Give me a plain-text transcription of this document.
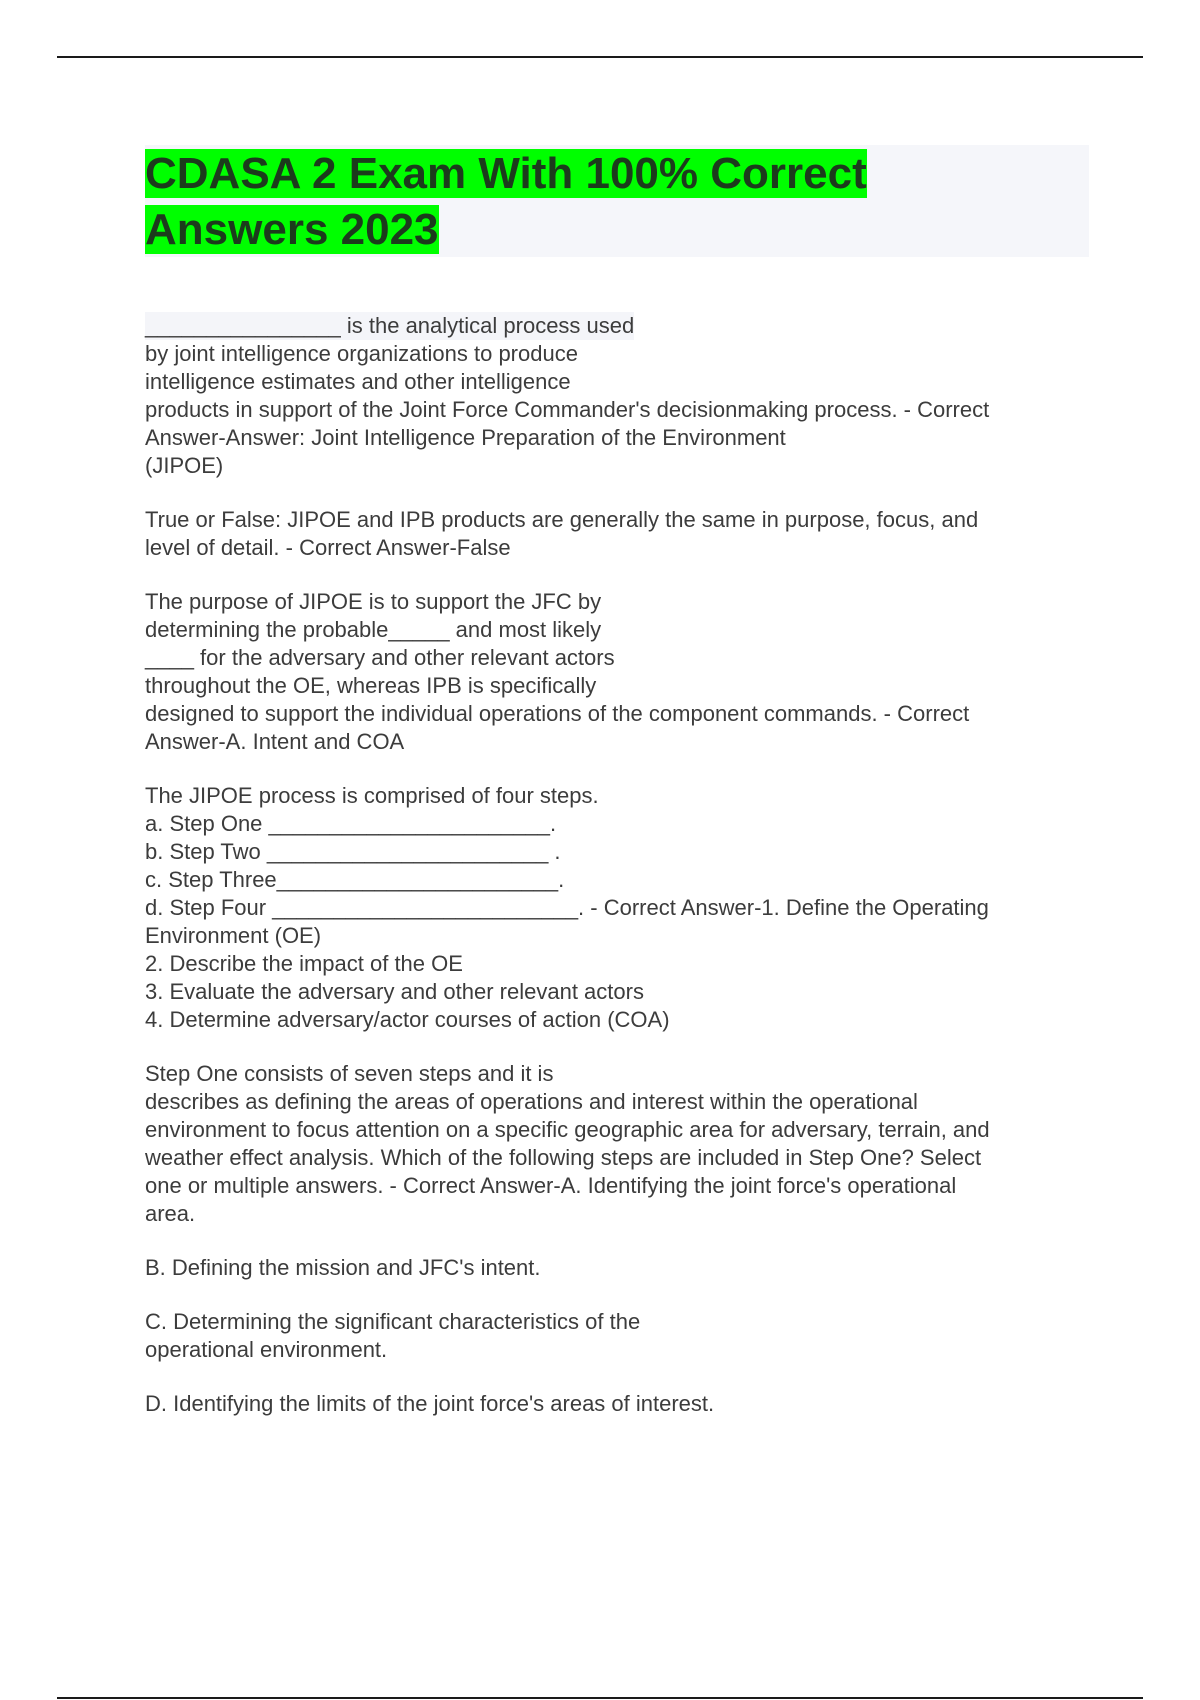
CDASA 2 Exam With 100% Correct
Answers 2023
________________ is the analytical process used
by joint intelligence organizations to produce
intelligence estimates and other intelligence
products in support of the Joint Force Commander's decisionmaking process. - Correct
Answer-Answer: Joint Intelligence Preparation of the Environment
(JIPOE)
True or False: JIPOE and IPB products are generally the same in purpose, focus, and
level of detail. - Correct Answer-False
The purpose of JIPOE is to support the JFC by
determining the probable_____ and most likely
____ for the adversary and other relevant actors
throughout the OE, whereas IPB is specifically
designed to support the individual operations of the component commands. - Correct
Answer-A. Intent and COA
The JIPOE process is comprised of four steps.
a. Step One _______________________.
b. Step Two _______________________ .
c. Step Three_______________________.
d. Step Four _________________________. - Correct Answer-1. Define the Operating
Environment (OE)
2. Describe the impact of the OE
3. Evaluate the adversary and other relevant actors
4. Determine adversary/actor courses of action (COA)
Step One consists of seven steps and it is
describes as defining the areas of operations and interest within the operational
environment to focus attention on a specific geographic area for adversary, terrain, and
weather effect analysis. Which of the following steps are included in Step One? Select
one or multiple answers. - Correct Answer-A. Identifying the joint force's operational
area.
B. Defining the mission and JFC's intent.
C. Determining the significant characteristics of the
operational environment.
D. Identifying the limits of the joint force's areas of interest.
